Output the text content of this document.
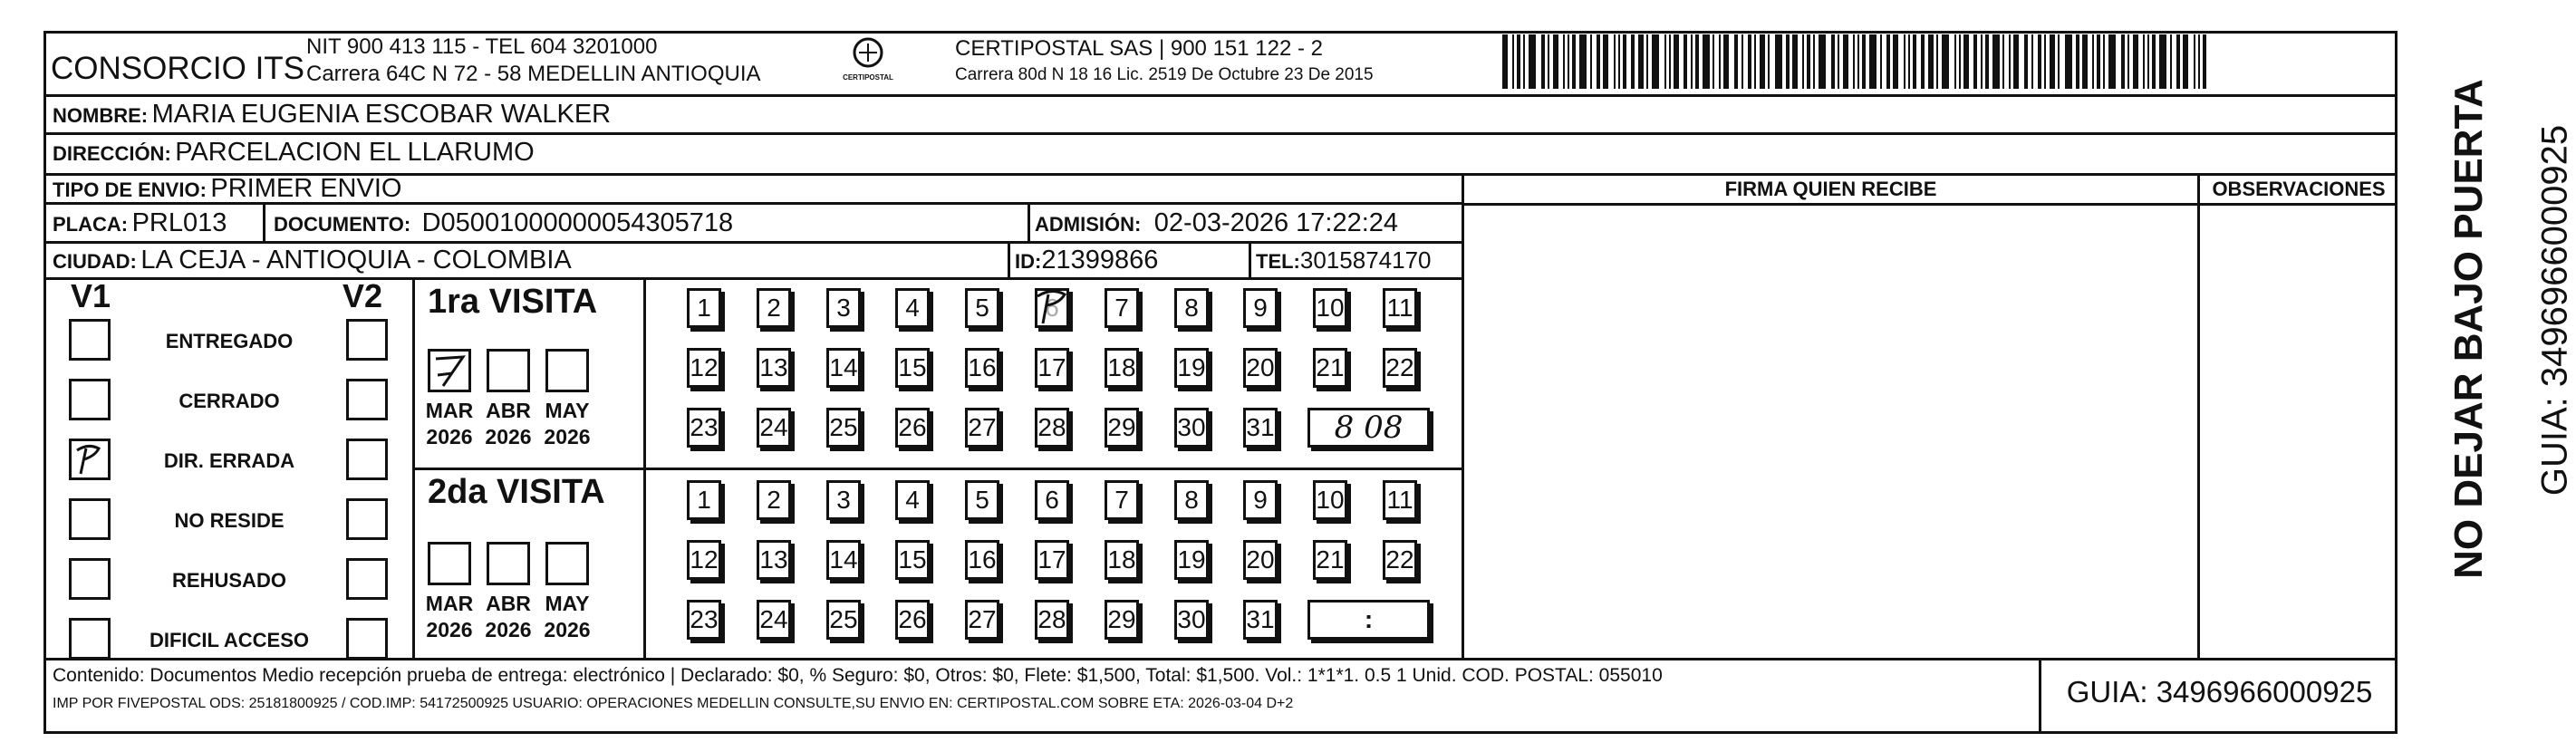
CONSORCIO ITS
NIT 900 413 115 - TEL 604 3201000
Carrera 64C N 72 - 58 MEDELLIN ANTIOQUIA	CERTIPOSTAL
CERTIPOSTAL SAS | 900 151 122 - 2
Carrera 80d N 18 16 Lic. 2519 De Octubre 23 De 2015
NOMBRE: MARIA EUGENIA ESCOBAR WALKER
DIRECCIÓN: PARCELACION EL LLARUMO
TIPO DE ENVIO: PRIMER ENVIO
PLACA: PRL013 DOCUMENTO: D05001000000054305718	ADMISIÓN: 02-03-2026 17:22:24
CIUDAD: LA CEJA - ANTIOQUIA - COLOMBIA	ID:21399866	TEL:3015874170
FIRMA QUIEN RECIBE	OBSERVACIONES
V1	V2
ENTREGADO
CERRADO
DIR. ERRADA
NO RESIDE
REHUSADO
DIFICIL ACCESO
1ra VISITA
2da VISITA
MAR
2026
ABR
2026
MAY
2026
MAR
2026
ABR
2026
MAY
2026
1	2	3	4	5	6	7	8	9	10 11
12 13 14 15 16 17 18 19 20 21 22
23 24 25 26 27 28 29 30 31	8 08
1	2	3	4	5	6	7	8	9	10 11
12 13 14 15 16 17 18 19 20 21 22
23 24 25 26 27 28 29 30 31	:
NO DEJAR BAJO PUERTA GUIA: 3496966000925
Contenido: Documentos Medio recepción prueba de entrega: electrónico | Declarado: $0, % Seguro: $0, Otros: $0, Flete: $1,500, Total: $1,500. Vol.: 1*1*1. 0.5 1 Unid. COD. POSTAL: 055010
IMP POR FIVEPOSTAL ODS: 25181800925 / COD.IMP: 54172500925 USUARIO: OPERACIONES MEDELLIN CONSULTE,SU ENVIO EN: CERTIPOSTAL.COM SOBRE ETA: 2026-03-04 D+2	GUIA: 3496966000925
